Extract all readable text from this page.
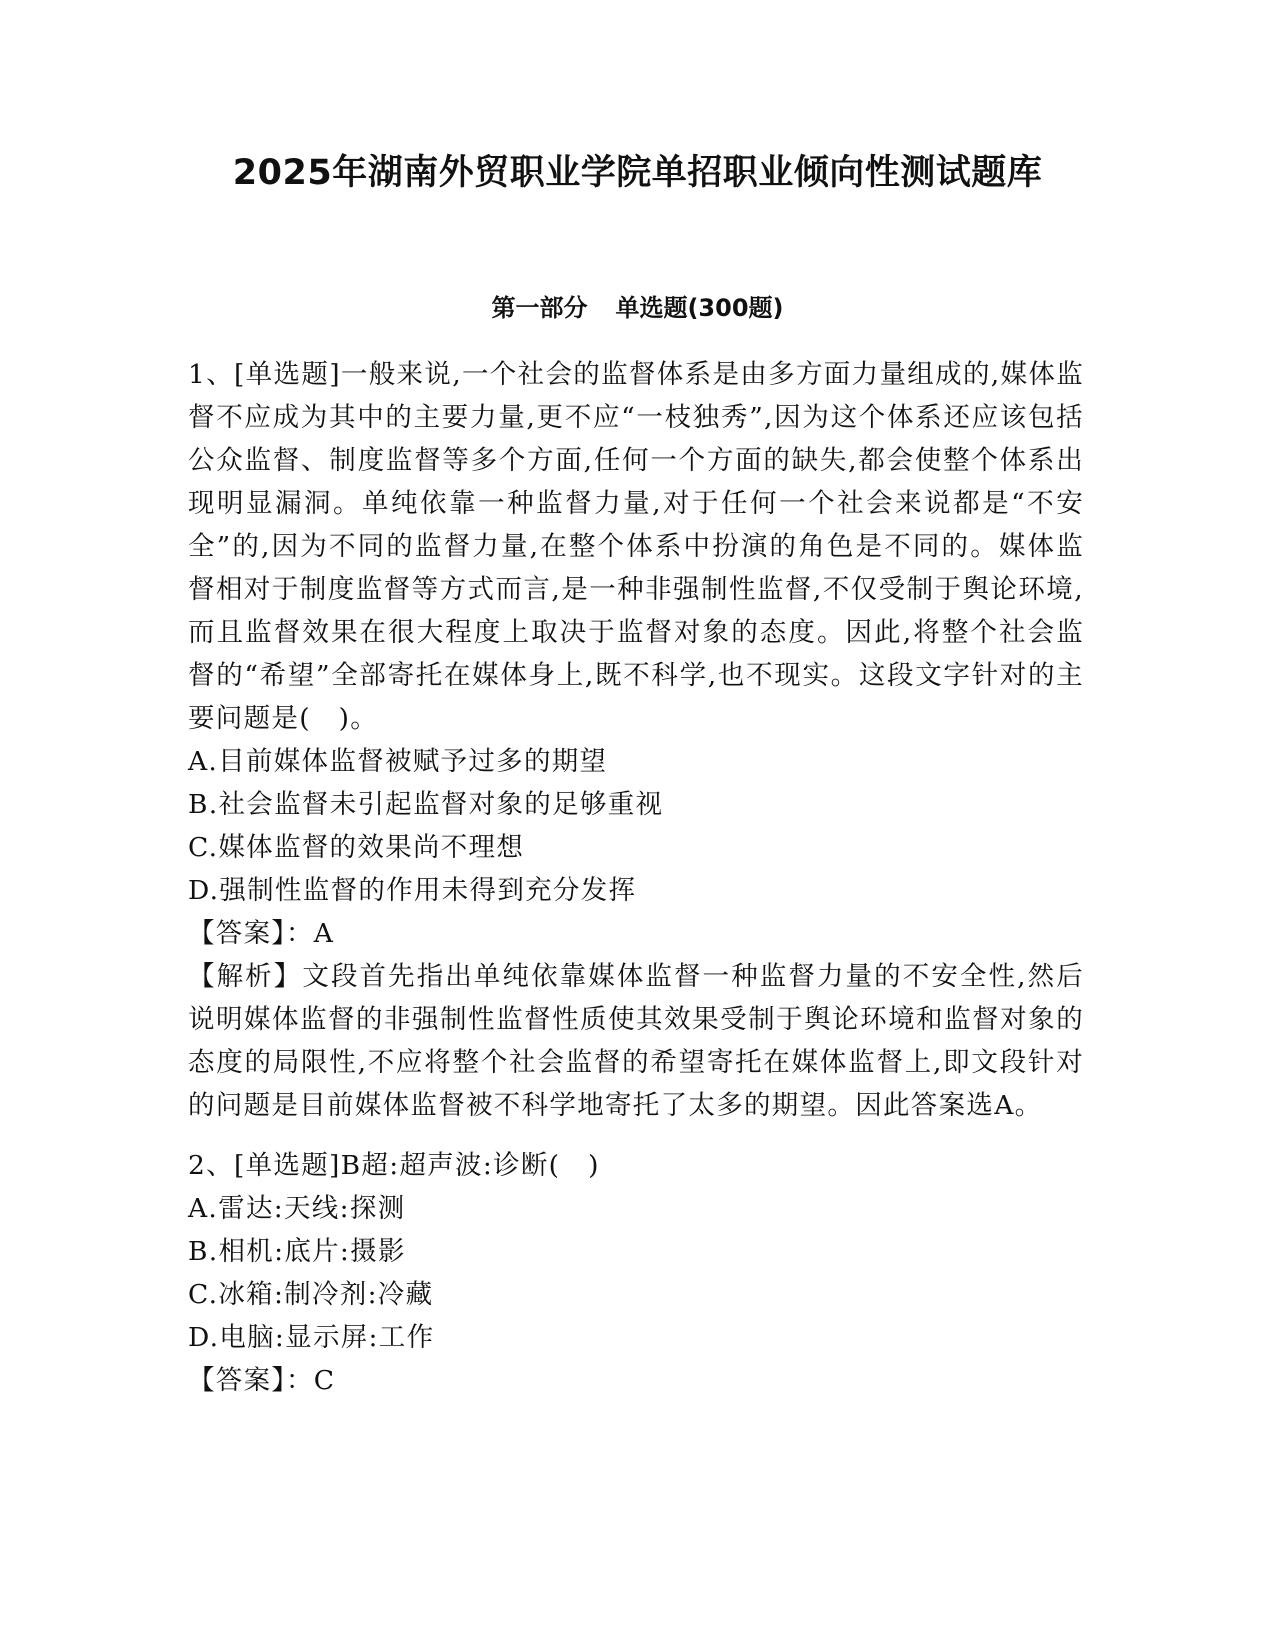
2025年湖南外贸职业学院单招职业倾向性测试题库
第一部分 单选题(300题)

1、[单选题]一般来说,一个社会的监督体系是由多方面力量组成的,媒体监督不应成为其中的主要力量,更不应“一枝独秀”,因为这个体系还应该包括公众监督、制度监督等多个方面,任何一个方面的缺失,都会使整个体系出现明显漏洞。单纯依靠一种监督力量,对于任何一个社会来说都是“不安全”的,因为不同的监督力量,在整个体系中扮演的角色是不同的。媒体监督相对于制度监督等方式而言,是一种非强制性监督,不仅受制于舆论环境,而且监督效果在很大程度上取决于监督对象的态度。因此,将整个社会监督的“希望”全部寄托在媒体身上,既不科学,也不现实。这段文字针对的主要问题是(　)。

A.目前媒体监督被赋予过多的期望

B.社会监督未引起监督对象的足够重视

C.媒体监督的效果尚不理想

D.强制性监督的作用未得到充分发挥

【答案】：A

【解析】文段首先指出单纯依靠媒体监督一种监督力量的不安全性,然后说明媒体监督的非强制性监督性质使其效果受制于舆论环境和监督对象的态度的局限性,不应将整个社会监督的希望寄托在媒体监督上,即文段针对的问题是目前媒体监督被不科学地寄托了太多的期望。因此答案选A。

2、[单选题]B超:超声波:诊断(　)

A.雷达:天线:探测

B.相机:底片:摄影

C.冰箱:制冷剂:冷藏

D.电脑:显示屏:工作

【答案】：C
